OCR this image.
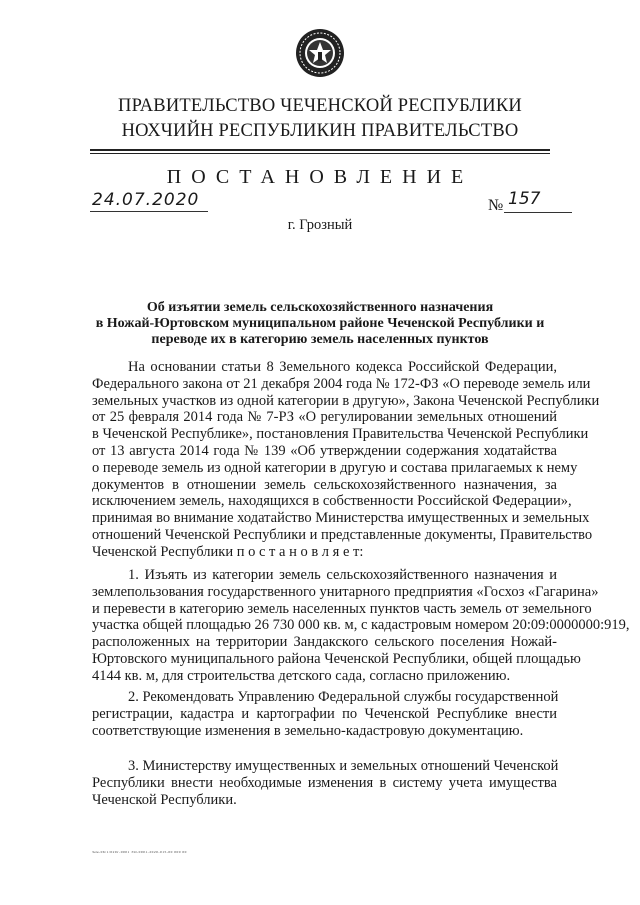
ПРАВИТЕЛЬСТВО ЧЕЧЕНСКОЙ РЕСПУБЛИКИ
НОХЧИЙН РЕСПУБЛИКИН ПРАВИТЕЛЬСТВО
ПОСТАНОВЛЕНИЕ
24.07.2020	№ 157
г. Грозный
Об изъятии земель сельскохозяйственного назначения
в Ножай-Юртовском муниципальном районе Чеченской Республики и
переводе их в категорию земель населенных пунктов
На основании статьи 8 Земельного кодекса Российской Федерации,
Федерального закона от 21 декабря 2004 года № 172-ФЗ «О переводе земель или
земельных участков из одной категории в другую», Закона Чеченской Республики
от 25 февраля 2014 года № 7-РЗ «О регулировании земельных отношений
в Чеченской Республике», постановления Правительства Чеченской Республики
от 13 августа 2014 года № 139 «Об утверждении содержания ходатайства
о переводе земель из одной категории в другую и состава прилагаемых к нему
документов в отношении земель сельскохозяйственного назначения, за
исключением земель, находящихся в собственности Российской Федерации»,
принимая во внимание ходатайство Министерства имущественных и земельных
отношений Чеченской Республики и представленные документы, Правительство
Чеченской Республики п о с т а н о в л я е т:
1. Изъять из категории земель сельскохозяйственного назначения и
землепользования государственного унитарного предприятия «Госхоз «Гагарина»
и перевести в категорию земель населенных пунктов часть земель от земельного
участка общей площадью 26 730 000 кв. м, с кадастровым номером 20:09:0000000:919,
расположенных на территории Зандакского сельского поселения Ножай-
Юртовского муниципального района Чеченской Республики, общей площадью
4144 кв. м, для строительства детского сада, согласно приложению.
2. Рекомендовать Управлению Федеральной службы государственной
регистрации, кадастра и картографии по Чеченской Республике внести
соответствующие изменения в земельно-кадастровую документацию.
3. Министерству имущественных и земельных отношений Чеченской
Республики внести необходимые изменения в систему учета имущества
Чеченской Республики.
Зем-06/1/020г-0001 ЭО-0001-2020-015-00 000 00
